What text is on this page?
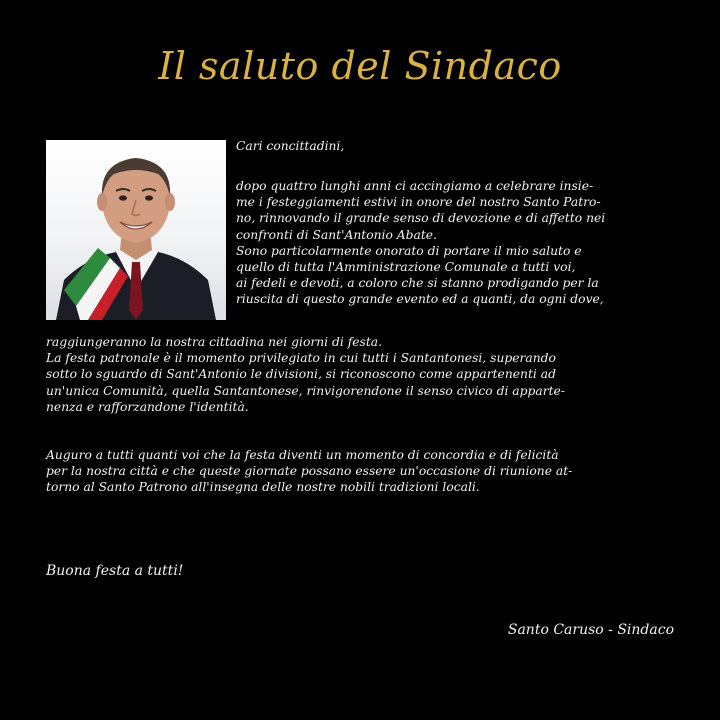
Il saluto del Sindaco
Cari concittadini,
dopo quattro lunghi anni ci accingiamo a celebrare insie-
me i festeggiamenti estivi in onore del nostro Santo Patro-
no, rinnovando il grande senso di devozione e di affetto nei
confronti di Sant'Antonio Abate.
Sono particolarmente onorato di portare il mio saluto e
quello di tutta l'Amministrazione Comunale a tutti voi,
ai fedeli e devoti, a coloro che si stanno prodigando per la
riuscita di questo grande evento ed a quanti, da ogni dove,
raggiungeranno la nostra cittadina nei giorni di festa.
La festa patronale è il momento privilegiato in cui tutti i Santantonesi, superando
sotto lo sguardo di Sant'Antonio le divisioni, si riconoscono come appartenenti ad
un'unica Comunità, quella Santantonese, rinvigorendone il senso civico di apparte-
nenza e rafforzandone l'identità.
Auguro a tutti quanti voi che la festa diventi un momento di concordia e di felicità
per la nostra città e che queste giornate possano essere un'occasione di riunione at-
torno al Santo Patrono all'insegna delle nostre nobili tradizioni locali.
Buona festa a tutti!
Santo Caruso - Sindaco
